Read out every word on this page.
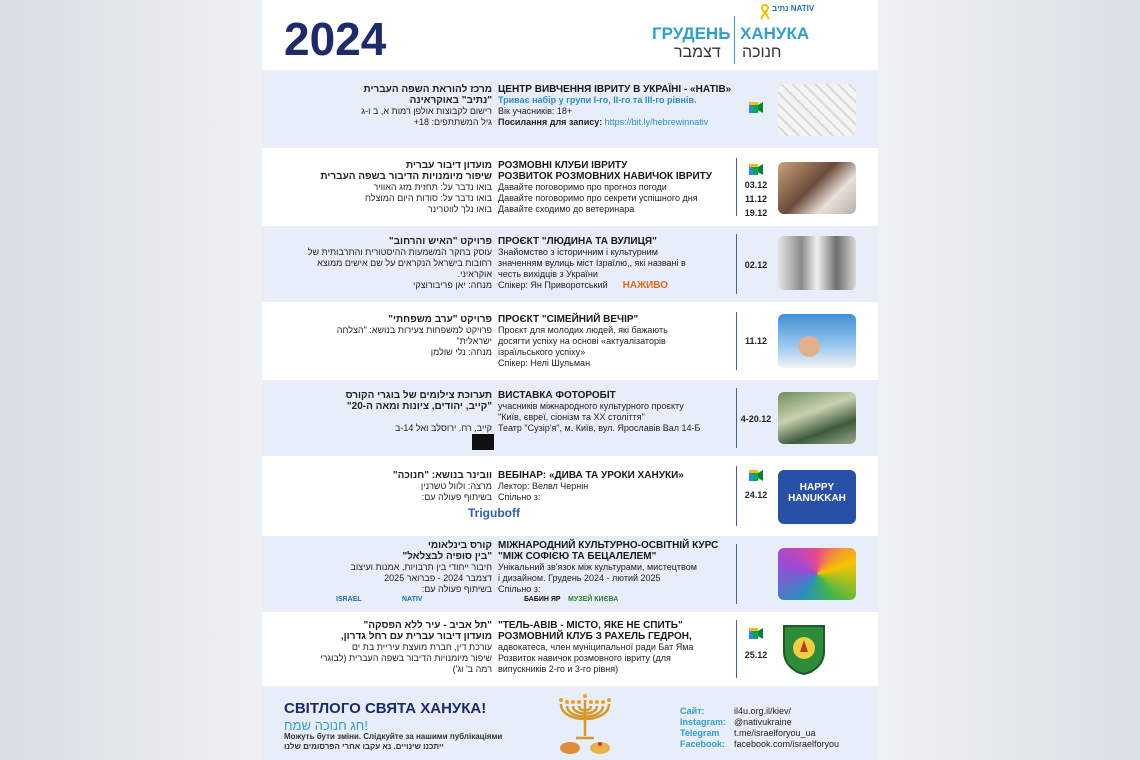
2024	ГРУДЕНЬ
דצמבר
ХАНУКА
חנוכה
נתיב NATIV
מרכז להוראת השפה העברית
"נתיב" באוקראינה
רישום לקבוצות אולפן רמות א, ב ו-ג
גיל המשתתפים: 18+
ЦЕНТР ВИВЧЕННЯ ІВРИТУ В УКРАЇНІ - «НАТІВ»
Триває набір у групи І-го, ІІ-го та ІІІ-го рівнів.
Вік учасників: 18+
Посилання для запису: https://bit.ly/hebrewinnativ
מועדון דיבור עברית
שיפור מיומנויות הדיבור בשפה העברית
בואו נדבר על: תחזית מזג האוויר
בואו נדבר על: סודות היום המוצלח
בואו נלך לווטרינר
РОЗМОВНІ КЛУБИ ІВРИТУ
РОЗВИТОК РОЗМОВНИХ НАВИЧОК ІВРИТУ
Давайте поговоримо про прогноз погоди
Давайте поговоримо про секрети успішного дня
Давайте сходимо до ветеринара
03.12
11.12
19.12
פרויקט "האיש והרחוב"
עוסק בחקר המשמעות ההיסטורית והתרבותית של
רחובות בישראל הנקראים על שם אישים ממוצא
אוקראיני.
מנחה: יאן פריבורוצקי
ПРОЄКТ "ЛЮДИНА ТА ВУЛИЦЯ"
Знайомство з історичним і культурним
значенням вулиць міст Ізраїлю,, які названі в
честь вихідців з України
Спікер: Ян Приворотський НАЖИВО
02.12
פרויקט "ערב משפחתי"
פרויקט למשפחות צעירות בנושא: "הצלחה
ישראלית"
מנחה: נלי שולמן
ПРОЄКТ "СІМЕЙНИЙ ВЕЧІР"
Проєкт для молодих людей, які бажають
досягти успіху на основі «актуалізаторів
ізраїльського успіху»
Спікер: Нелі Шульман
11.12
תערוכת צילומים של בוגרי הקורס
"קייב, יהודים, ציונות ומאה ה-20"

קייב, רח. ירוסלב ואל 14-ב
ВИСТАВКА ФОТОРОБІТ
учасників міжнародного культурного проєкту
"Київ, євреї, сіонізм та XX століття"
Театр "Сузір'я", м. Київ, вул. Ярославів Вал 14-Б
4-20.12
וובינר בנושא: "חנוכה"
מרצה: ולוול טשרנין
בשיתוף פעולה עם:
ВЕБІНАР: «ДИВА ТА УРОКИ ХАНУКИ»
Лектор: Велвл Чернін
Спільно з:
Triguboff
24.12
HAPPY HANUKKAH
קורס בינלאומי
"בין סופיה לבצלאל"
חיבור ייחודי בין תרבויות, אמנות ועיצוב
דצמבר 2024 - פברואר 2025
בשיתוף פעולה עם:
МІЖНАРОДНИЙ КУЛЬТУРНО-ОСВІТНІЙ КУРС
"МІЖ СОФІЄЮ ТА БЕЦАЛЕЛЕМ"
Унікальний зв'язок між культурами, мистецтвом
і дизайном. Грудень 2024 - лютий 2025
Спільно з:
ISRAEL	NATIV	БАБИН ЯР МУЗЕЙ КИЄВА
"תל אביב - עיר ללא הפסקה"
מועדון דיבור עברית עם רחל גדרון,
עורכת דין, חברת מועצת עיריית בת ים
שיפור מיומנויות הדיבור בשפה העברית (לבוגרי
רמה ב' וג')
"ТЕЛЬ-АВІВ - МІСТО, ЯКЕ НЕ СПИТЬ"
РОЗМОВНИЙ КЛУБ З РАХЕЛЬ ГЕДРОН,
адвокатеса, член муніципальної ради Бат Яма
Розвиток навичок розмовного івриту (для
випускників 2-го и 3-го рівня)
25.12
СВІТЛОГО СВЯТА ХАНУКА!
חג חנוכה שמח!
Можуть бути зміни. Слідкуйте за нашими публікаціями
ייתכנו שינויים. נא עקבו אחרי הפרסומים שלנו
Сайт:	il4u.org.il/kiev/
Instagram: @nativukraine
Telegram t.me/israelforyou_ua
Facebook: facebook.com/israelforyou
